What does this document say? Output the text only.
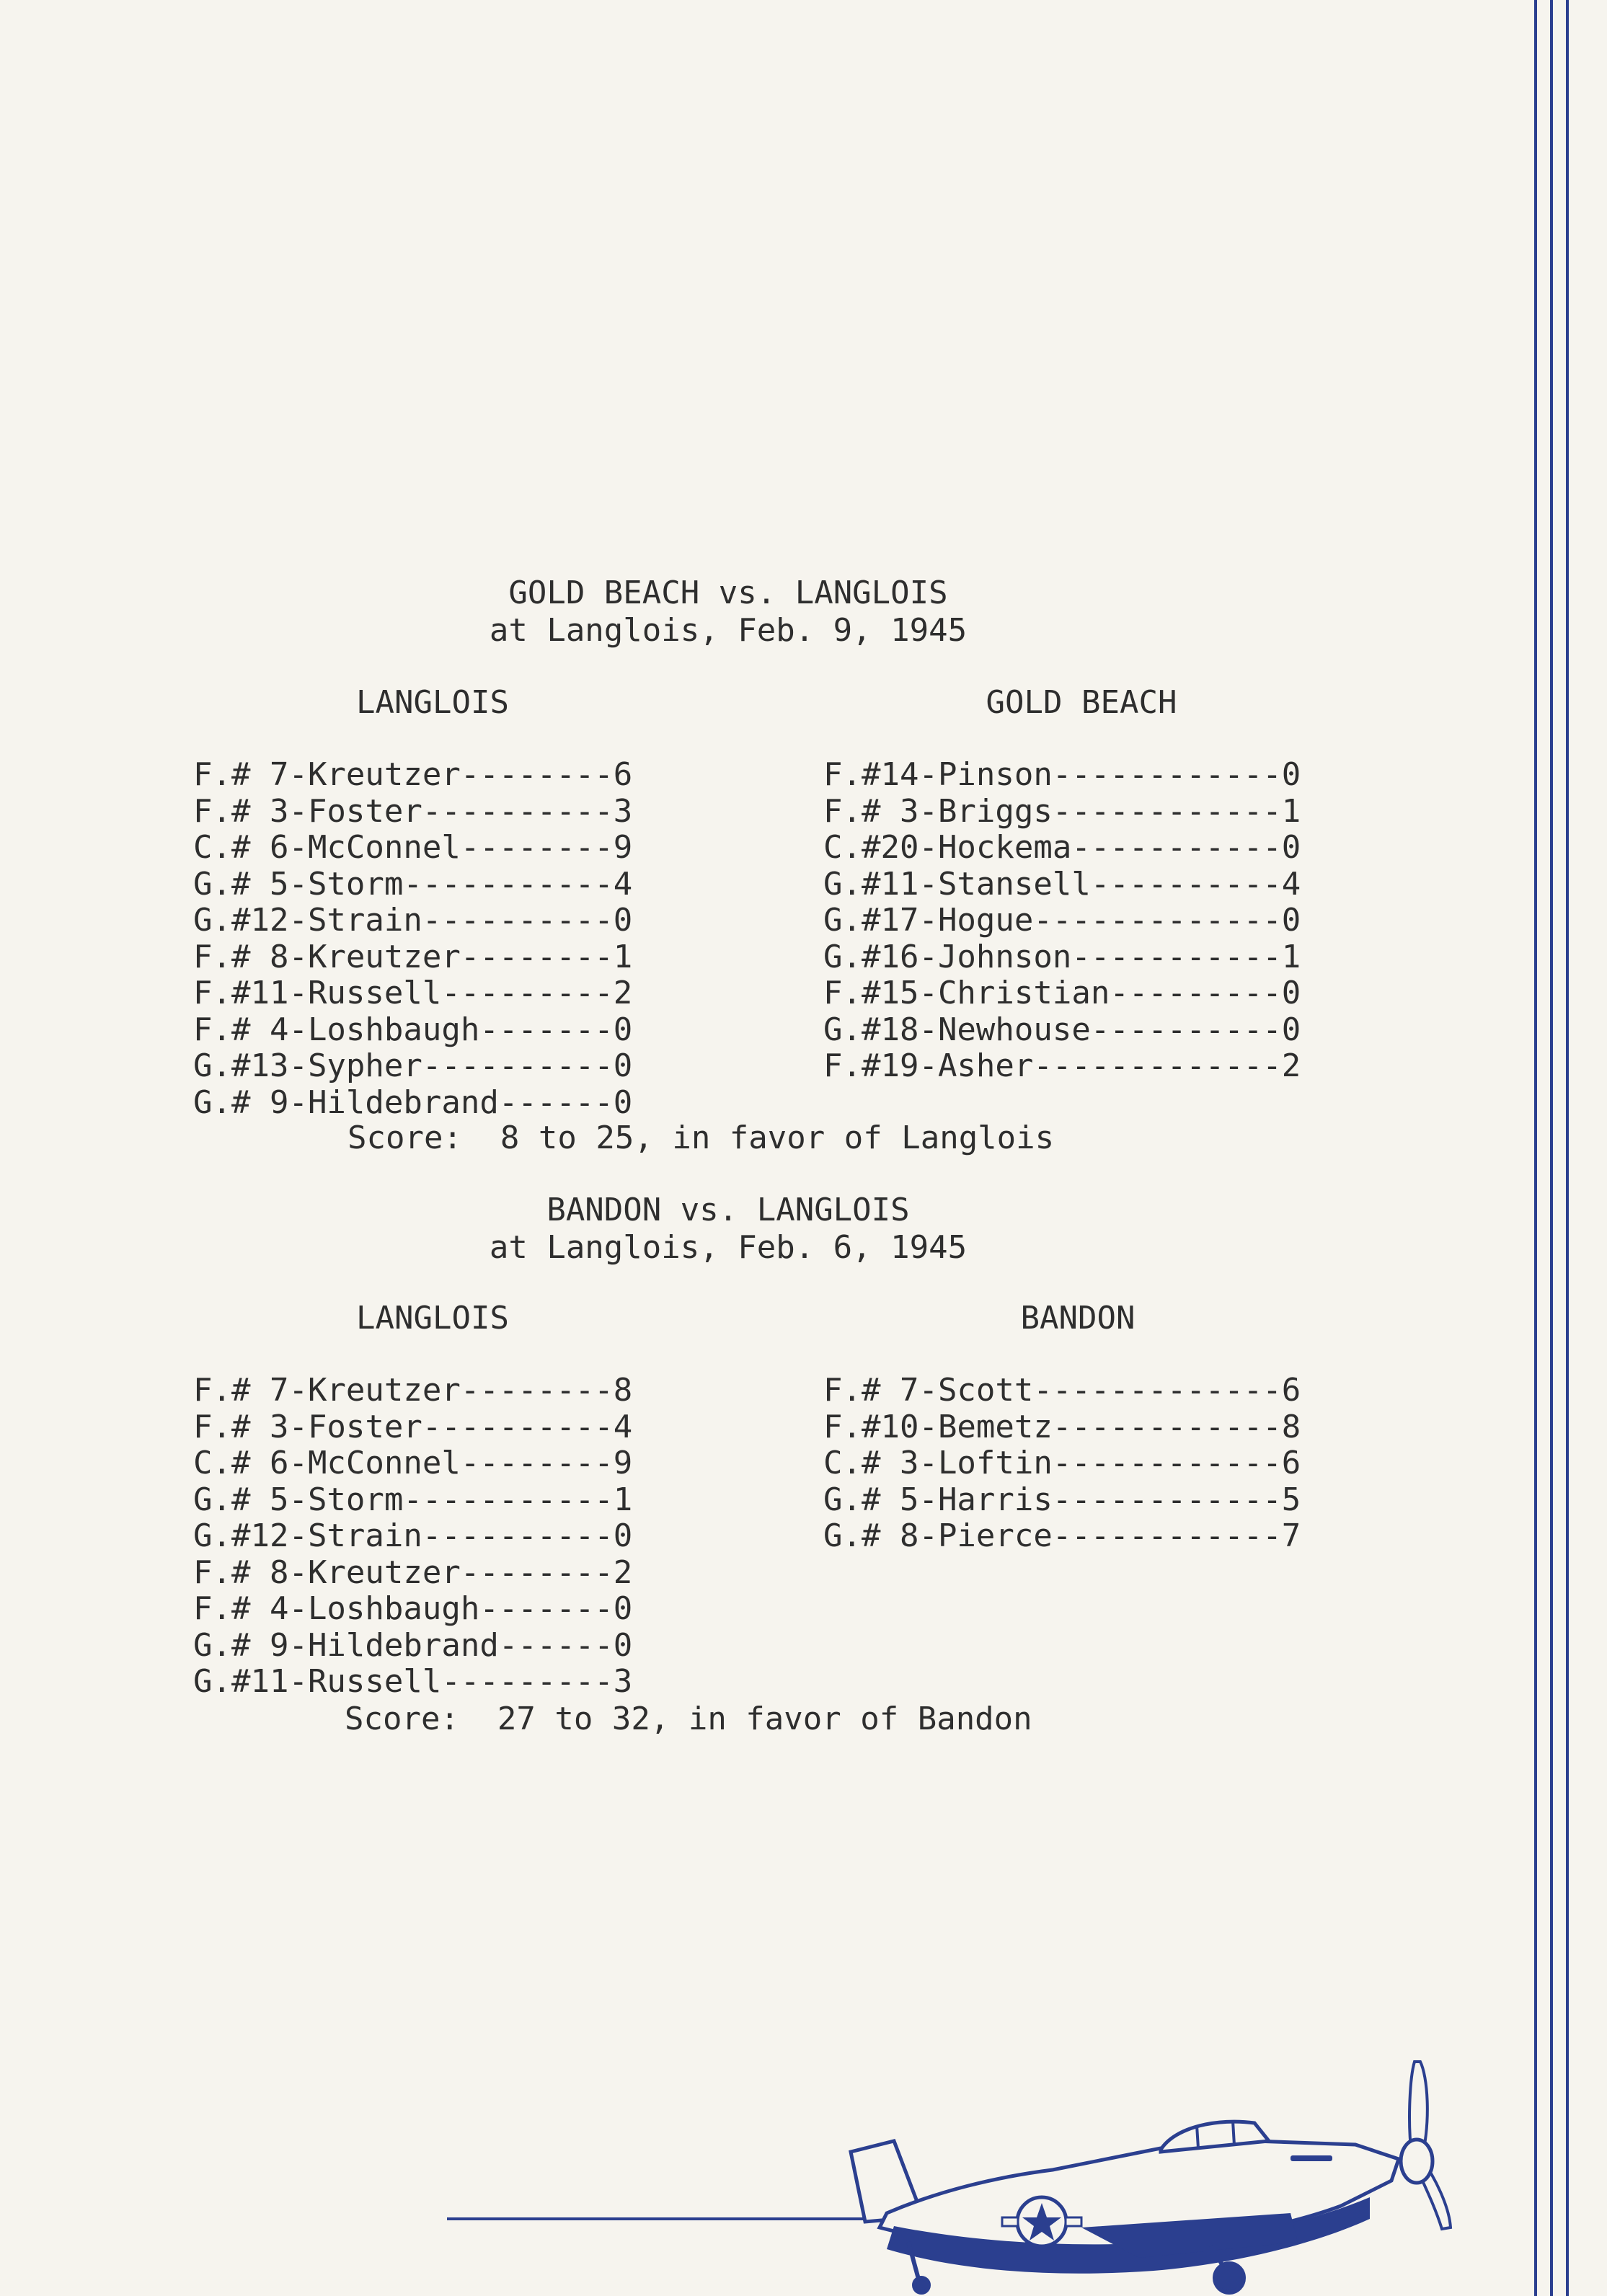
GOLD BEACH vs. LANGLOIS
at Langlois, Feb. 9, 1945
LANGLOIS	GOLD BEACH
F.# 7-Kreutzer--------6
F.# 3-Foster----------3
C.# 6-McConnel--------9
G.# 5-Storm-----------4
G.#12-Strain----------0
F.# 8-Kreutzer--------1
F.#11-Russell---------2
F.# 4-Loshbaugh-------0
G.#13-Sypher----------0
G.# 9-Hildebrand------0
F.#14-Pinson------------0
F.# 3-Briggs------------1
C.#20-Hockema-----------0
G.#11-Stansell----------4
G.#17-Hogue-------------0
G.#16-Johnson-----------1
F.#15-Christian---------0
G.#18-Newhouse----------0
F.#19-Asher-------------2
Score:  8 to 25, in favor of Langlois
BANDON vs. LANGLOIS
at Langlois, Feb. 6, 1945
LANGLOIS	BANDON
F.# 7-Kreutzer--------8
F.# 3-Foster----------4
C.# 6-McConnel--------9
G.# 5-Storm-----------1
G.#12-Strain----------0
F.# 8-Kreutzer--------2
F.# 4-Loshbaugh-------0
G.# 9-Hildebrand------0
G.#11-Russell---------3
F.# 7-Scott-------------6
F.#10-Bemetz------------8
C.# 3-Loftin------------6
G.# 5-Harris------------5
G.# 8-Pierce------------7
Score:  27 to 32, in favor of Bandon
